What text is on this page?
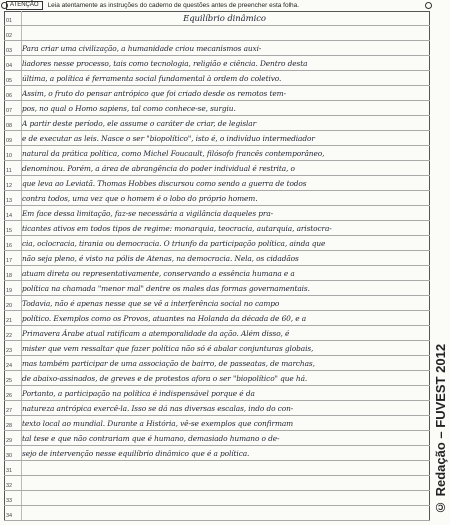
ATENÇÃO	Leia atentamente as instruções do caderno de questões antes de preencher esta folha.
01	Equilíbrio dinâmico
02
03 Para criar uma civilização, a humanidade criou mecanismos auxi-
04 liadores nesse processo, tais como tecnologia, religião e ciência. Dentro desta
05 última, a política é ferramenta social fundamental à ordem do coletivo.
06 Assim, o fruto do pensar antrópico que foi criado desde os remotos tem-
07 pos, no qual o Homo sapiens, tal como conhece-se, surgiu.
08 A partir deste período, ele assume o caráter de criar, de legislar
09 e de executar as leis. Nasce o ser "biopolítico", isto é, o indivíduo intermediador
10 natural da prática política, como Michel Foucault, filósofo francês contemporâneo,
11 denominou. Porém, a área de abrangência do poder individual é restrita, o
12 que leva ao Leviatã. Thomas Hobbes discursou como sendo a guerra de todos
13 contra todos, uma vez que o homem é o lobo do próprio homem.
14 Em face dessa limitação, faz-se necessária a vigilância daqueles pra-
15 ticantes ativos em todos tipos de regime: monarquia, teocracia, autarquia, aristocra-
16 cia, oclocracia, tirania ou democracia. O triunfo da participação política, ainda que
17 não seja pleno, é visto na pólis de Atenas, na democracia. Nela, os cidadãos
18 atuam direta ou representativamente, conservando a essência humana e a
19 política na chamada "menor mal" dentre os males das formas governamentais.
20 Todavia, não é apenas nesse que se vê a interferência social no campo
21 político. Exemplos como os Provos, atuantes na Holanda da década de 60, e a
22 Primavera Árabe atual ratificam a atemporalidade da ação. Além disso, é
23 mister que vem ressaltar que fazer política não só é abalar conjunturas globais,
24 mas também participar de uma associação de bairro, de passeatas, de marchas,
25 de abaixo-assinados, de greves e de protestos afora o ser "biopolítico" que há.
26 Portanto, a participação na política é indispensável porque é da
27 natureza antrópica exercê-la. Isso se dá nas diversas escalas, indo do con-
28 texto local ao mundial. Durante a História, vê-se exemplos que confirmam
29 tal tese e que não contrariam que é humano, demasiado humano o de-
30 sejo de intervenção nesse equilíbrio dinâmico que é a política.
31
32
33
34
© Redação – FUVEST 2012
